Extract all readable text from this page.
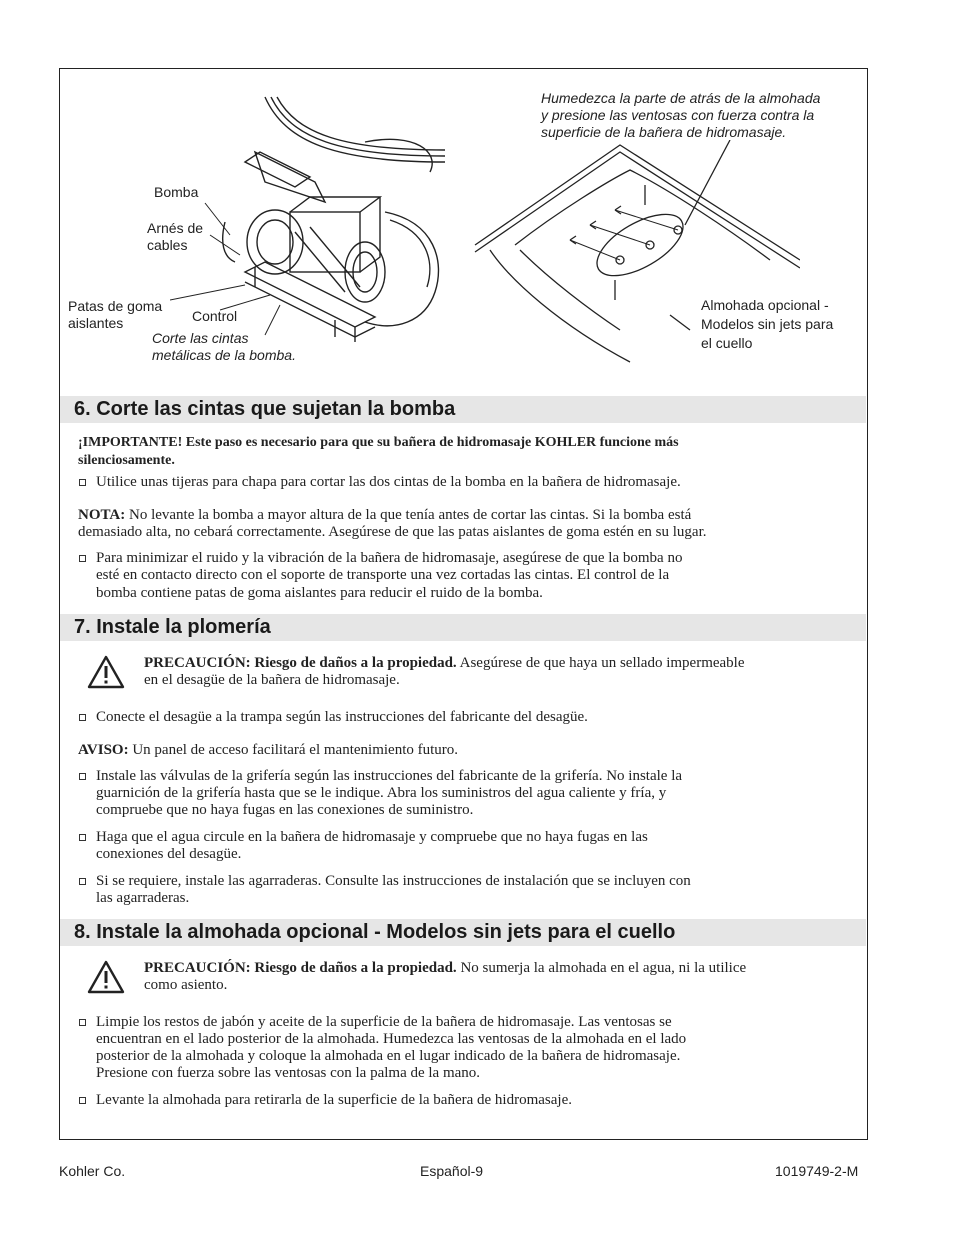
Bomba
Arnés de
cables
Patas de goma
aislantes	Control
Corte las cintas
metálicas de la bomba.
Humedezca la parte de atrás de la almohada
y presione las ventosas con fuerza contra la
superficie de la bañera de hidromasaje.
Almohada opcional -
Modelos sin jets para
el cuello
6. Corte las cintas que sujetan la bomba
¡IMPORTANTE! Este paso es necesario para que su bañera de hidromasaje KOHLER funcione más
silenciosamente.
Utilice unas tijeras para chapa para cortar las dos cintas de la bomba en la bañera de hidromasaje.
NOTA: No levante la bomba a mayor altura de la que tenía antes de cortar las cintas. Si la bomba está
demasiado alta, no cebará correctamente. Asegúrese de que las patas aislantes de goma estén en su lugar.
Para minimizar el ruido y la vibración de la bañera de hidromasaje, asegúrese de que la bomba no
esté en contacto directo con el soporte de transporte una vez cortadas las cintas. El control de la
bomba contiene patas de goma aislantes para reducir el ruido de la bomba.
7. Instale la plomería
PRECAUCIÓN: Riesgo de daños a la propiedad. Asegúrese de que haya un sellado impermeable
en el desagüe de la bañera de hidromasaje.
Conecte el desagüe a la trampa según las instrucciones del fabricante del desagüe.
AVISO: Un panel de acceso facilitará el mantenimiento futuro.
Instale las válvulas de la grifería según las instrucciones del fabricante de la grifería. No instale la
guarnición de la grifería hasta que se le indique. Abra los suministros del agua caliente y fría, y
compruebe que no haya fugas en las conexiones de suministro.
Haga que el agua circule en la bañera de hidromasaje y compruebe que no haya fugas en las
conexiones del desagüe.
Si se requiere, instale las agarraderas. Consulte las instrucciones de instalación que se incluyen con
las agarraderas.
8. Instale la almohada opcional - Modelos sin jets para el cuello
PRECAUCIÓN: Riesgo de daños a la propiedad. No sumerja la almohada en el agua, ni la utilice
como asiento.
Limpie los restos de jabón y aceite de la superficie de la bañera de hidromasaje. Las ventosas se
encuentran en el lado posterior de la almohada. Humedezca las ventosas de la almohada en el lado
posterior de la almohada y coloque la almohada en el lugar indicado de la bañera de hidromasaje.
Presione con fuerza sobre las ventosas con la palma de la mano.
Levante la almohada para retirarla de la superficie de la bañera de hidromasaje.
Kohler Co.	Español-9	1019749-2-M
